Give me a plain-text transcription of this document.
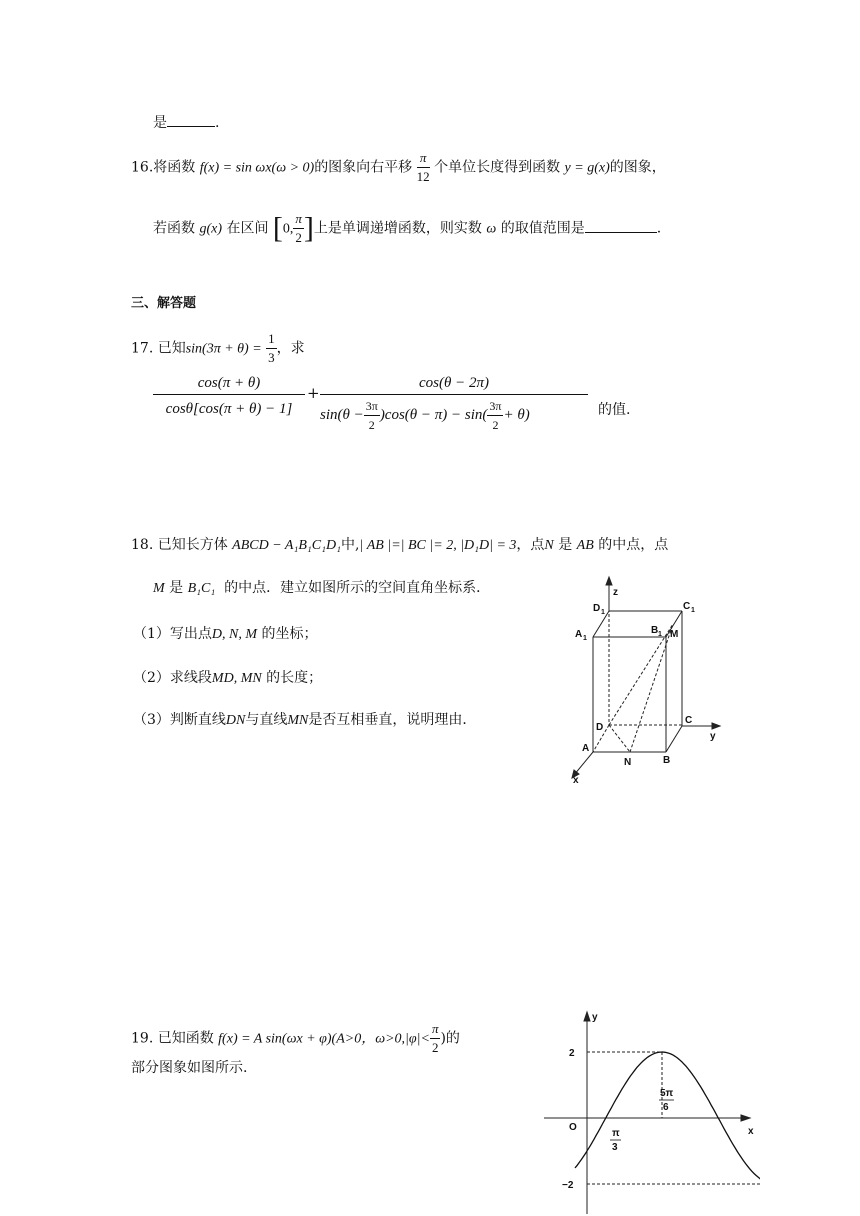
是	.
16.将函数 f(x) = sin ωx(ω > 0)的图象向右平移 $\frac{\pi}{12}$ 个单位长度得到函数 y = g(x)的图象，
若函数 g(x) 在区间 [0, $\frac{\pi}{2}$ ]上是单调递增函数，则实数 ω 的取值范围是	.
三、解答题
17. 已知$\sin(3\pi + \theta) = \frac{1}{3}$ ，求
cos(π + θ)
cosθ[cos(π + θ) − 1]
+
cos(θ − 2π)
$\sin(\theta - \frac{3\pi}{2} )\cos(\theta - \pi) - \sin( \frac{3\pi}{2} + \theta)$	的值.
18. 已知长方体 ABCD − A₁B₁C₁D₁中,| AB |=| BC |= 2, |D₁D| = 3，点N 是 AB 的中点，点
M 是 B₁C₁ 的中点．建立如图所示的空间直角坐标系．
（1）写出点D, N, M 的坐标；
（2）求线段MD, MN 的长度；
（3）判断直线DN与直线MN是否互相垂直，说明理由．
z
D 1
C 1
A 1
B 1 M
D
C
A
N	B
y
x
19. 已知函数 f(x) = A sin(ωx + φ)(A>0，$\omega>0,|\varphi|< \frac{\pi}{2}$ )的
部分图象如图所示.
y
x
O
2
−2
π
3
5π
6
